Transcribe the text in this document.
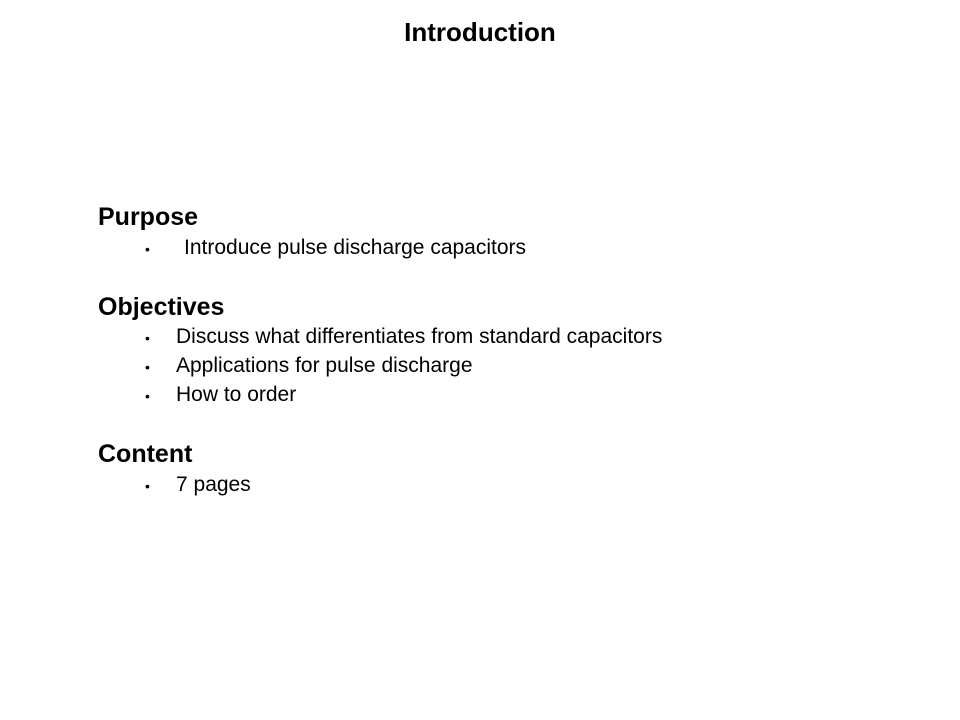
Introduction
Purpose
•	Introduce pulse discharge capacitors
Objectives
•	Discuss what differentiates from standard capacitors
•	Applications for pulse discharge
•	How to order
Content
•	7 pages
